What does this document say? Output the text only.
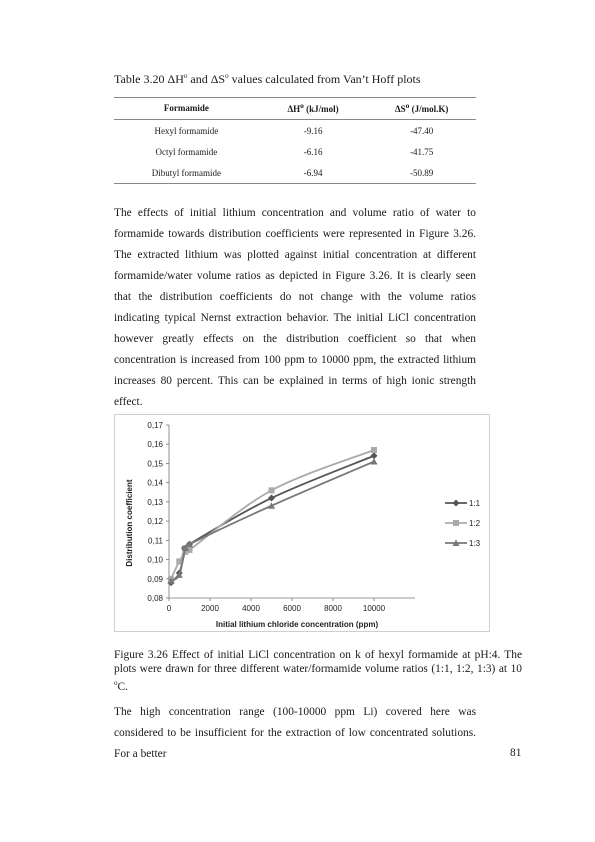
Table 3.20 $\Delta H^o$ and $\Delta S^o$ values calculated from Van’t Hoff plots
Formamide	$\Delta H^o$ (kJ/mol)	$\Delta S^o$ (J/mol.K)
Hexyl formamide	-9.16	-47.40
Octyl formamide	-6.16	-41.75
Dibutyl formamide	-6.94	-50.89

The effects of initial lithium concentration and volume ratio of water to formamide towards distribution coefficients were represented in Figure 3.26. The extracted lithium was plotted against initial concentration at different formamide/water volume ratios as depicted in Figure 3.26. It is clearly seen that the distribution coefficients do not change with the volume ratios indicating typical Nernst extraction behavior. The initial LiCl concentration however greatly effects on the distribution coefficient so that when concentration is increased from 100 ppm to 10000 ppm, the extracted lithium increases 80 percent. This can be explained in terms of high ionic strength effect.

0,08
0,09
0,10
0,11
0,12
0,13
0,14
0,15
0,16
0,17
0	2000	4000	6000	8000	10000
1:1
1:2
1:3
Distribution coefficient
Initial lithium chloride concentration (ppm)
Figure 3.26 Effect of initial LiCl concentration on k of hexyl formamide at pH:4. The plots were drawn for three different water/formamide volume ratios (1:1, 1:2, 1:3) at 10 $^o$C.

The high concentration range (100-10000 ppm Li) covered here was considered to be insufficient for the extraction of low concentrated solutions. For a better	81
